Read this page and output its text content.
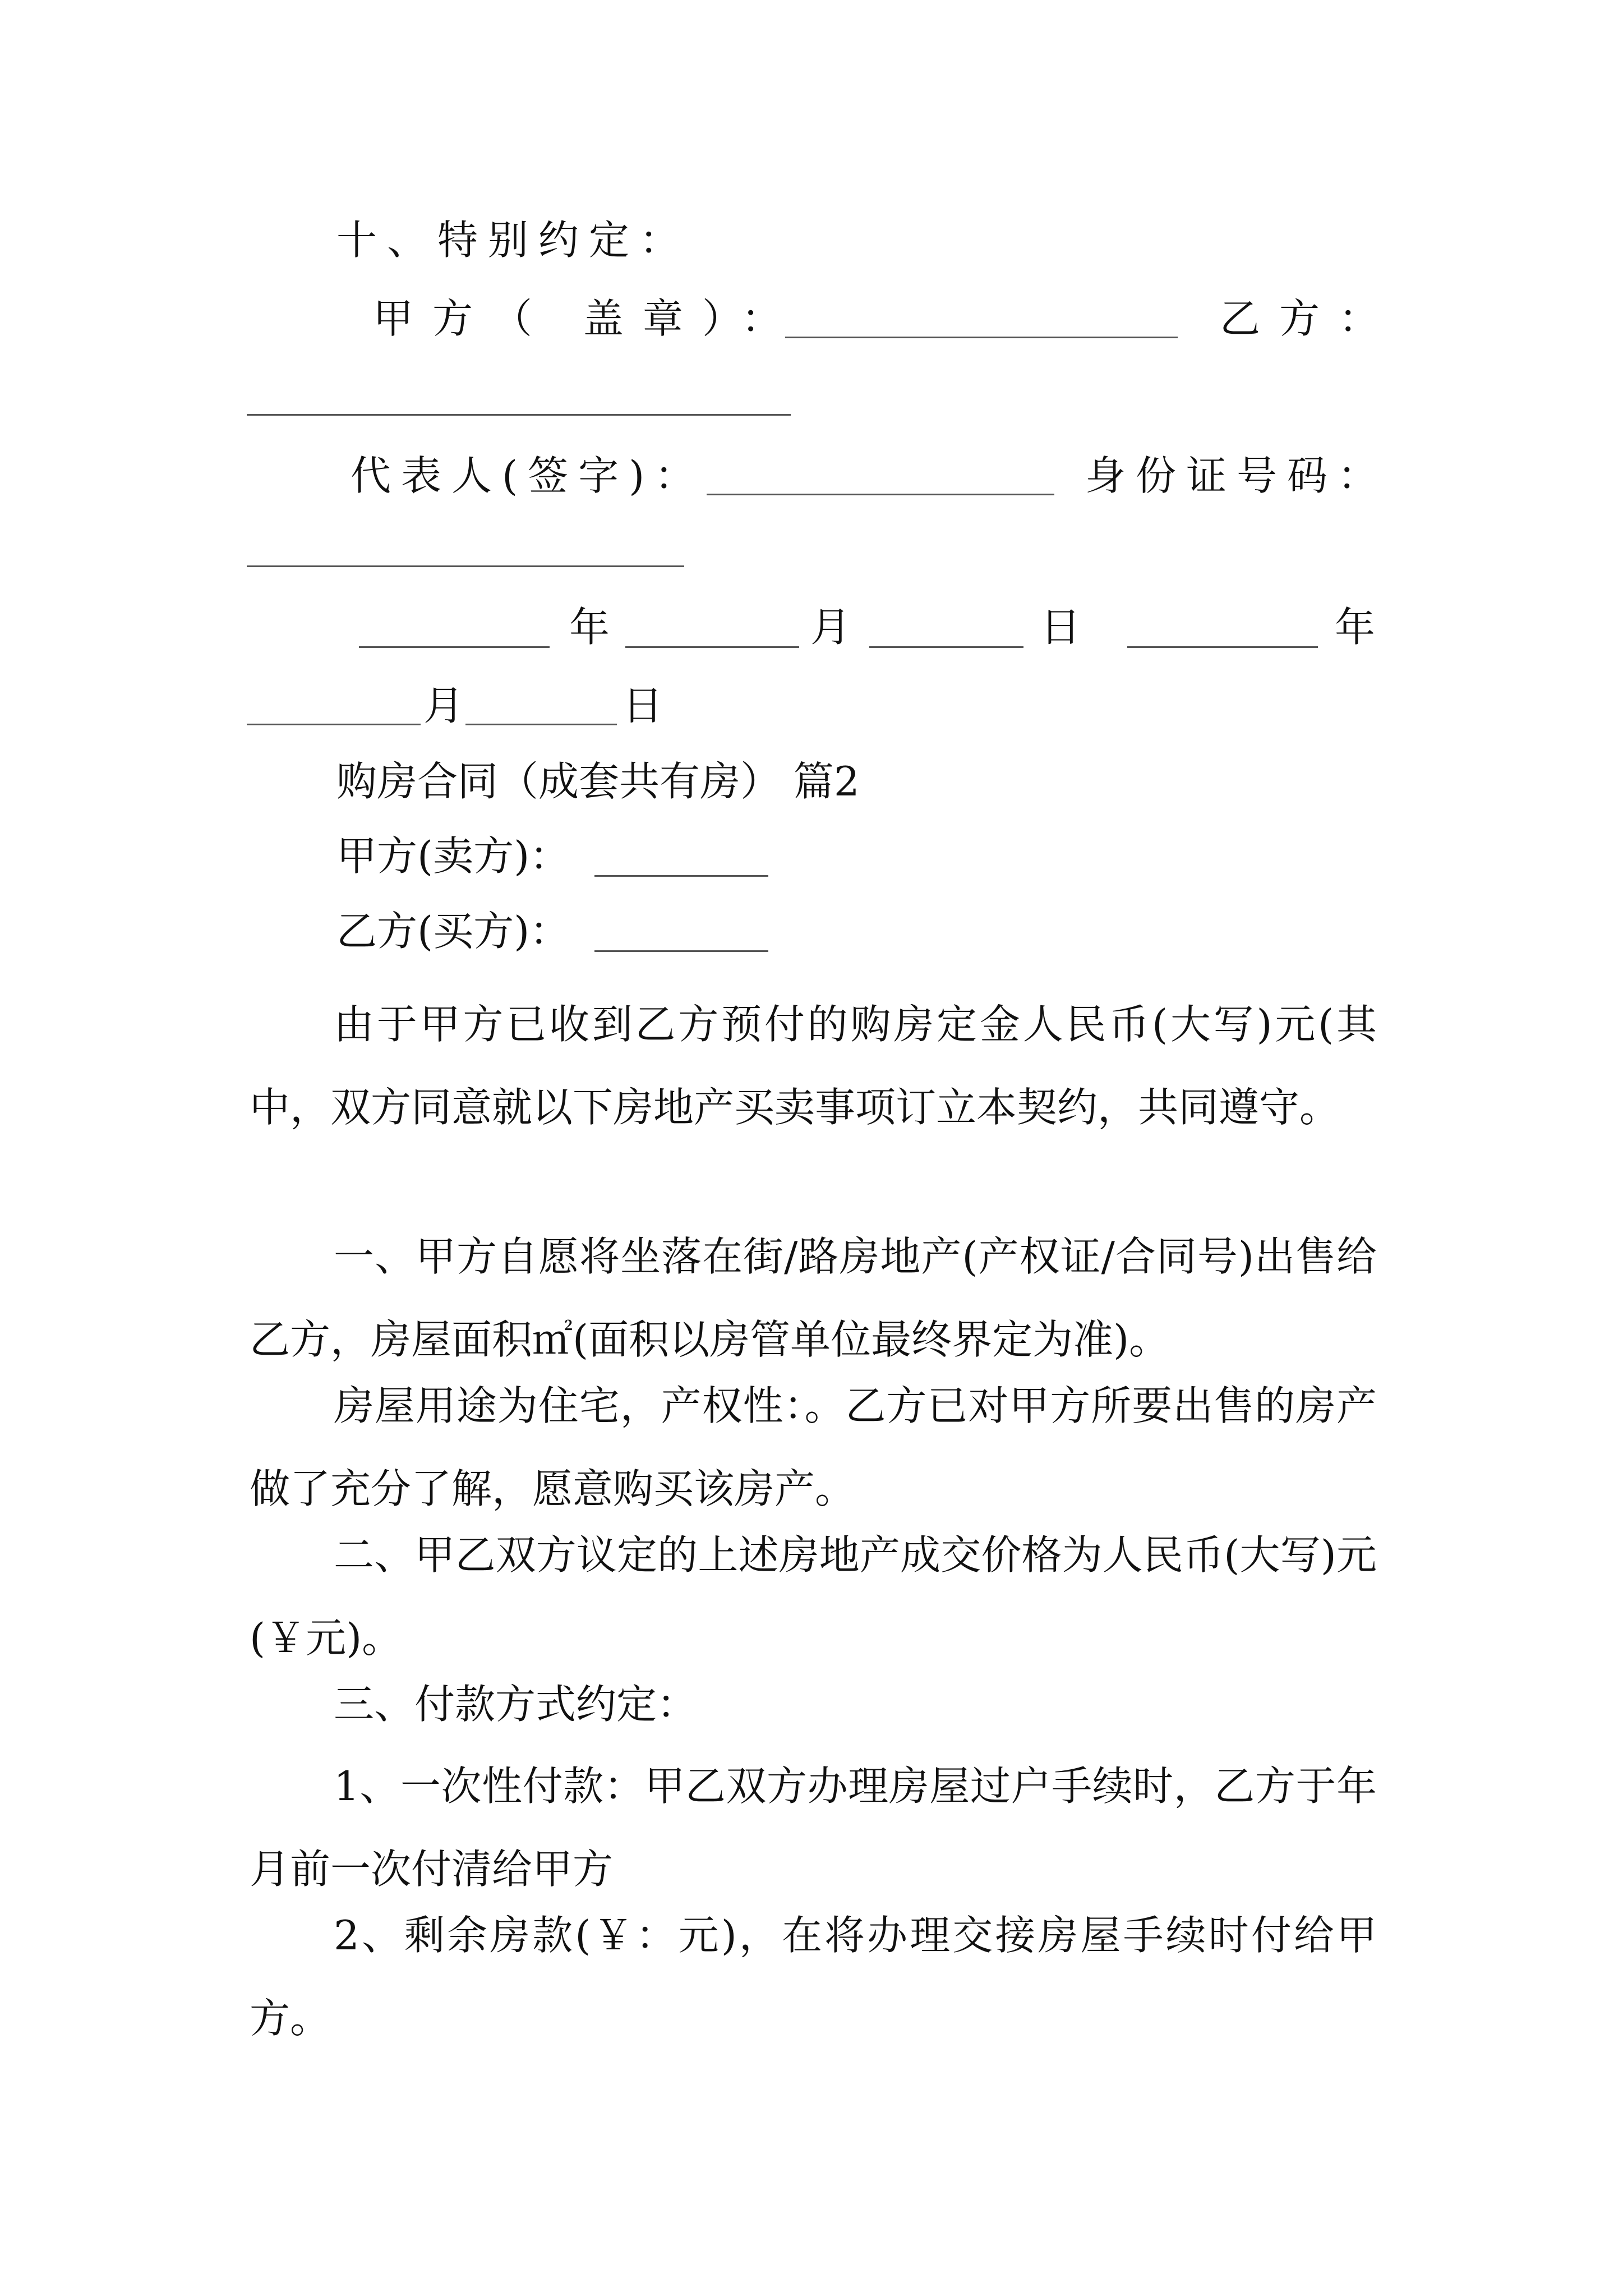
十、特别约定：
甲方（ 盖章）：	乙方：
代表人(签字)：	身份证号码：
年	月	日	年
月	日
购房合同（成套共有房） 篇2
甲方(卖方)：
乙方(买方)：
由于甲方已收到乙方预付的购房定金人民币(大写)元(其中，双方同意就以下房地产买卖事项订立本契约，共同遵守。
一、甲方自愿将坐落在街/路房地产(产权证/合同号)出售给乙方，房屋面积㎡(面积以房管单位最终界定为准)。
房屋用途为住宅，产权性：。乙方已对甲方所要出售的房产做了充分了解，愿意购买该房产。
二、甲乙双方议定的上述房地产成交价格为人民币(大写)元(￥元)。
三、付款方式约定：
1、一次性付款：甲乙双方办理房屋过户手续时，乙方于年月前一次付清给甲方
2、剩余房款(￥：元)，在将办理交接房屋手续时付给甲方。
